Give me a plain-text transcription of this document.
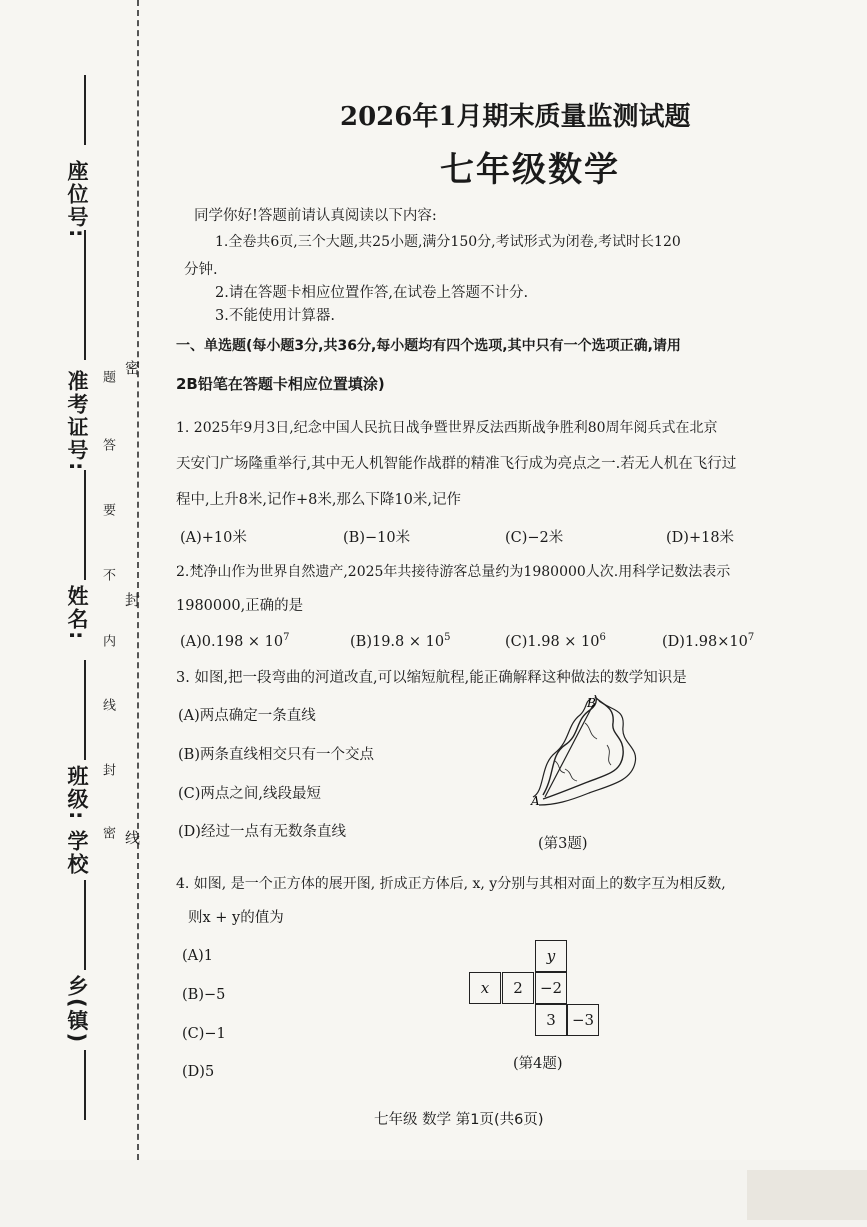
座位号:
准考证号:
姓名:
班级:
学校
乡(镇)
题
答
要
不
内
线
封
密
密
封
线
2026年1月期末质量监测试题
七年级数学
同学你好!答题前请认真阅读以下内容:
1.全卷共6页,三个大题,共25小题,满分150分,考试形式为闭卷,考试时长120
分钟.
2.请在答题卡相应位置作答,在试卷上答题不计分.
3.不能使用计算器.
一、单选题(每小题3分,共36分,每小题均有四个选项,其中只有一个选项正确,请用
2B铅笔在答题卡相应位置填涂)
1. 2025年9月3日,纪念中国人民抗日战争暨世界反法西斯战争胜利80周年阅兵式在北京
天安门广场隆重举行,其中无人机智能作战群的精准飞行成为亮点之一.若无人机在飞行过
程中,上升8米,记作+8米,那么下降10米,记作
(A)+10米	(B)−10米	(C)−2米	(D)+18米
2.梵净山作为世界自然遗产,2025年共接待游客总量约为1980000人次.用科学记数法表示
1980000,正确的是
$(A)0.198 \times 10^7$	$(B)19.8 \times 10^5$	$(C)1.98 \times 10^6$	$(D)1.98\times 10^7$
3. 如图,把一段弯曲的河道改直,可以缩短航程,能正确解释这种做法的数学知识是
(A)两点确定一条直线
(B)两条直线相交只有一个交点
(C)两点之间,线段最短
(D)经过一点有无数条直线
B
A
(第3题)
4. 如图, 是一个正方体的展开图, 折成正方体后, x, y分别与其相对面上的数字互为相反数,
则x + y的值为
(A)1
(B)−5
(C)−1
(D)5
y
x	2	−2
3	−3
(第4题)
七年级 数学 第1页(共6页)
